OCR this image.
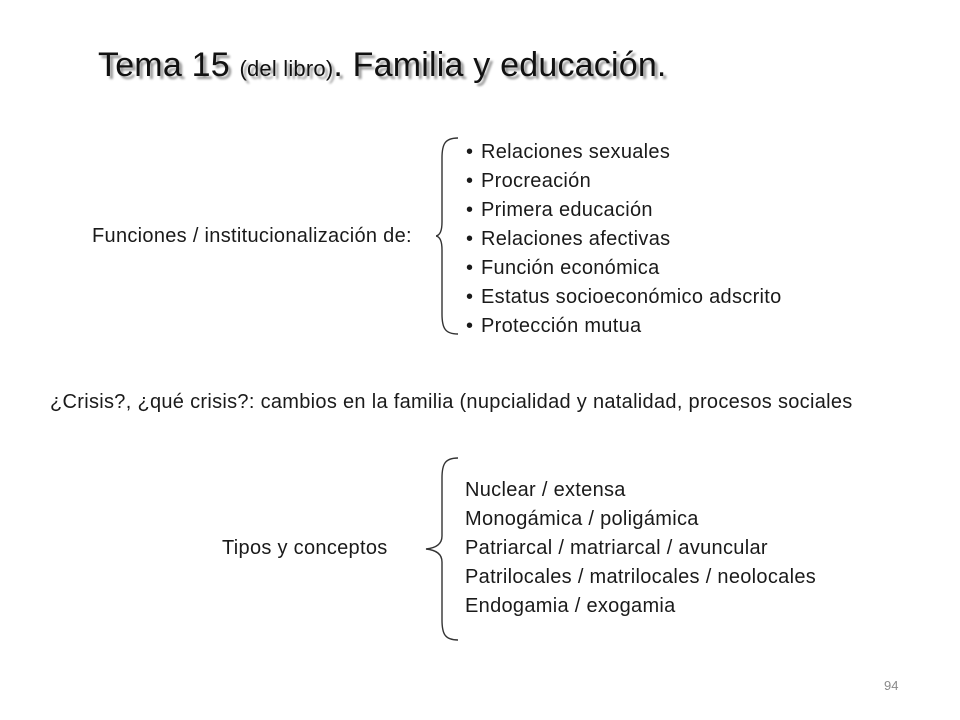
Tema 15 (del libro). Familia y educación.
Funciones / institucionalización de:
• Relaciones sexuales
• Procreación
• Primera educación
• Relaciones afectivas
• Función económica
• Estatus socioeconómico adscrito
• Protección mutua
¿Crisis?, ¿qué crisis?: cambios en la familia (nupcialidad y natalidad, procesos sociales
Tipos y conceptos
Nuclear / extensa
Monogámica / poligámica
Patriarcal / matriarcal / avuncular
Patrilocales / matrilocales / neolocales
Endogamia / exogamia
94
